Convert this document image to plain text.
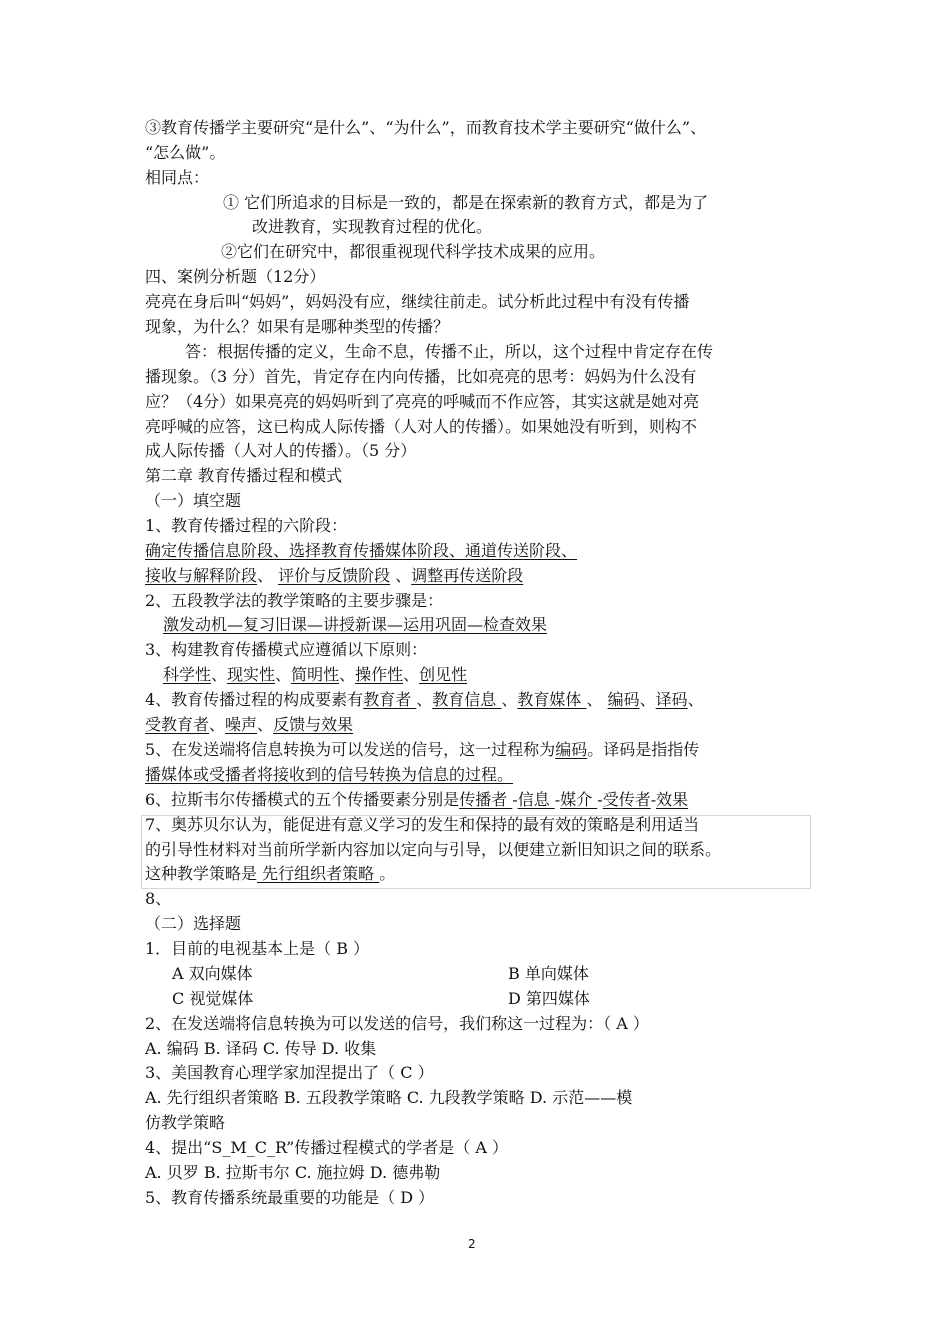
③教育传播学主要研究“是什么”、“为什么”，而教育技术学主要研究“做什么”、
“怎么做”。
相同点：
① 它们所追求的目标是一致的，都是在探索新的教育方式，都是为了
改进教育，实现教育过程的优化。
②它们在研究中，都很重视现代科学技术成果的应用。
四、案例分析题（12分）
亮亮在身后叫“妈妈”，妈妈没有应，继续往前走。试分析此过程中有没有传播
现象，为什么？如果有是哪种类型的传播？
答：根据传播的定义，生命不息，传播不止，所以，这个过程中肯定存在传
播现象。（3 分）首先，肯定存在内向传播，比如亮亮的思考：妈妈为什么没有
应？（4分）如果亮亮的妈妈听到了亮亮的呼喊而不作应答，其实这就是她对亮
亮呼喊的应答，这已构成人际传播（人对人的传播）。如果她没有听到，则构不
成人际传播（人对人的传播）。（5 分）
第二章 教育传播过程和模式
（一）填空题
1、教育传播过程的六阶段：
确定传播信息阶段、选择教育传播媒体阶段、通道传送阶段、
接收与解释阶段、 评价与反馈阶段 、调整再传送阶段
2、五段教学法的教学策略的主要步骤是：
激发动机—复习旧课—讲授新课—运用巩固—检查效果
3、构建教育传播模式应遵循以下原则：
科学性、现实性、简明性、操作性、创见性
4、教育传播过程的构成要素有教育者 、教育信息 、教育媒体 、 编码、译码、
受教育者、噪声、反馈与效果
5、在发送端将信息转换为可以发送的信号，这一过程称为编码。译码是指指传
播媒体或受播者将接收到的信号转换为信息的过程。
6、拉斯韦尔传播模式的五个传播要素分别是传播者 -信息 -媒介 -受传者-效果
7、奥苏贝尔认为，能促进有意义学习的发生和保持的最有效的策略是利用适当
的引导性材料对当前所学新内容加以定向与引导，以便建立新旧知识之间的联系。
这种教学策略是 先行组织者策略 。
8、
（二）选择题
1．目前的电视基本上是（ B ）
A 双向媒体	B 单向媒体
C 视觉媒体	D 第四媒体
2、在发送端将信息转换为可以发送的信号，我们称这一过程为：（ A ）
A. 编码 B. 译码 C. 传导 D. 收集
3、美国教育心理学家加涅提出了（ C ）
A. 先行组织者策略 B. 五段教学策略 C. 九段教学策略 D. 示范——模
仿教学策略
4、提出“S_M_C_R”传播过程模式的学者是（ A ）
A. 贝罗 B. 拉斯韦尔 C. 施拉姆 D. 德弗勒
5、教育传播系统最重要的功能是（ D ）
2
